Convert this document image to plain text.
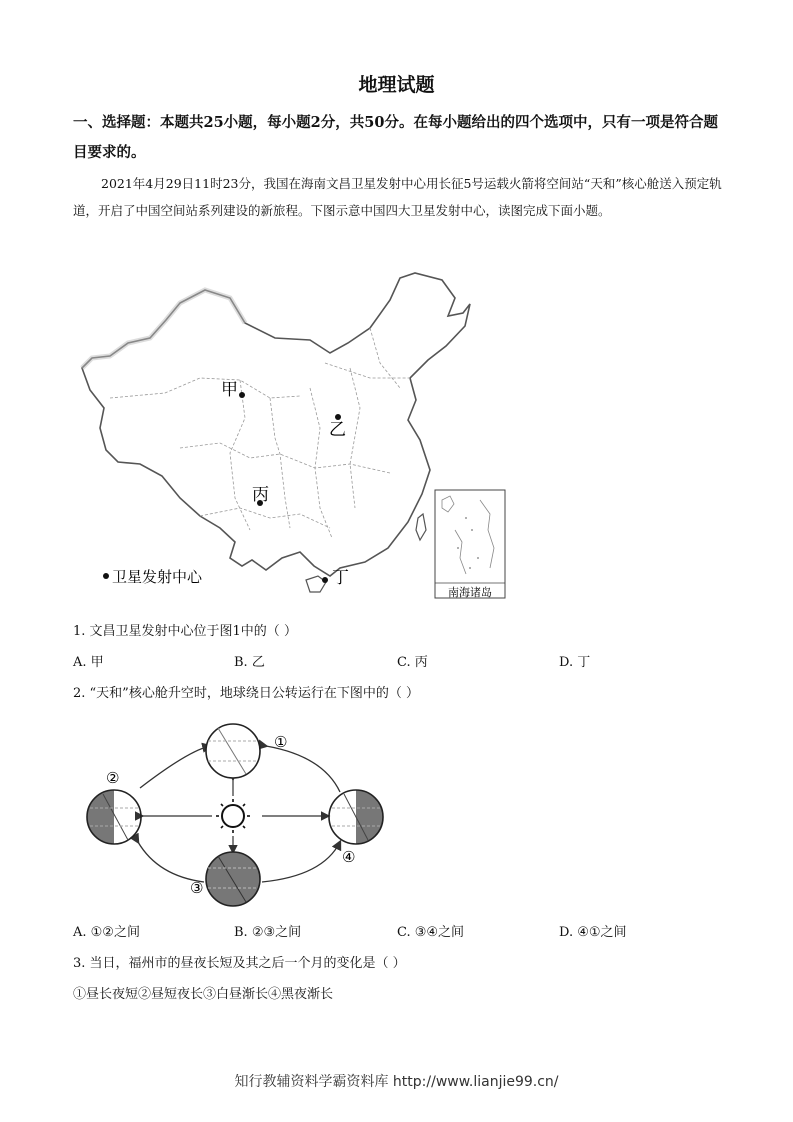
地理试题
一、选择题：本题共25小题，每小题2分，共50分。在每小题给出的四个选项中，只有一项是符合题目要求的。
2021年4月29日11时23分，我国在海南文昌卫星发射中心用长征5号运载火箭将空间站“天和”核心舱送入预定轨道，开启了中国空间站系列建设的新旅程。下图示意中国四大卫星发射中心，读图完成下面小题。
甲
乙
丙
丁
卫星发射中心
南海诸岛
1. 文昌卫星发射中心位于图1中的（ ）
A. 甲	B. 乙	C. 丙	D. 丁
2. “天和”核心舱升空时，地球绕日公转运行在下图中的（ ）
①
②
③
④
A. ①②之间	B. ②③之间	C. ③④之间	D. ④①之间
3. 当日，福州市的昼夜长短及其之后一个月的变化是（ ）
①昼长夜短②昼短夜长③白昼渐长④黑夜渐长
知行教辅资料学霸资料库 http://www.lianjie99.cn/
